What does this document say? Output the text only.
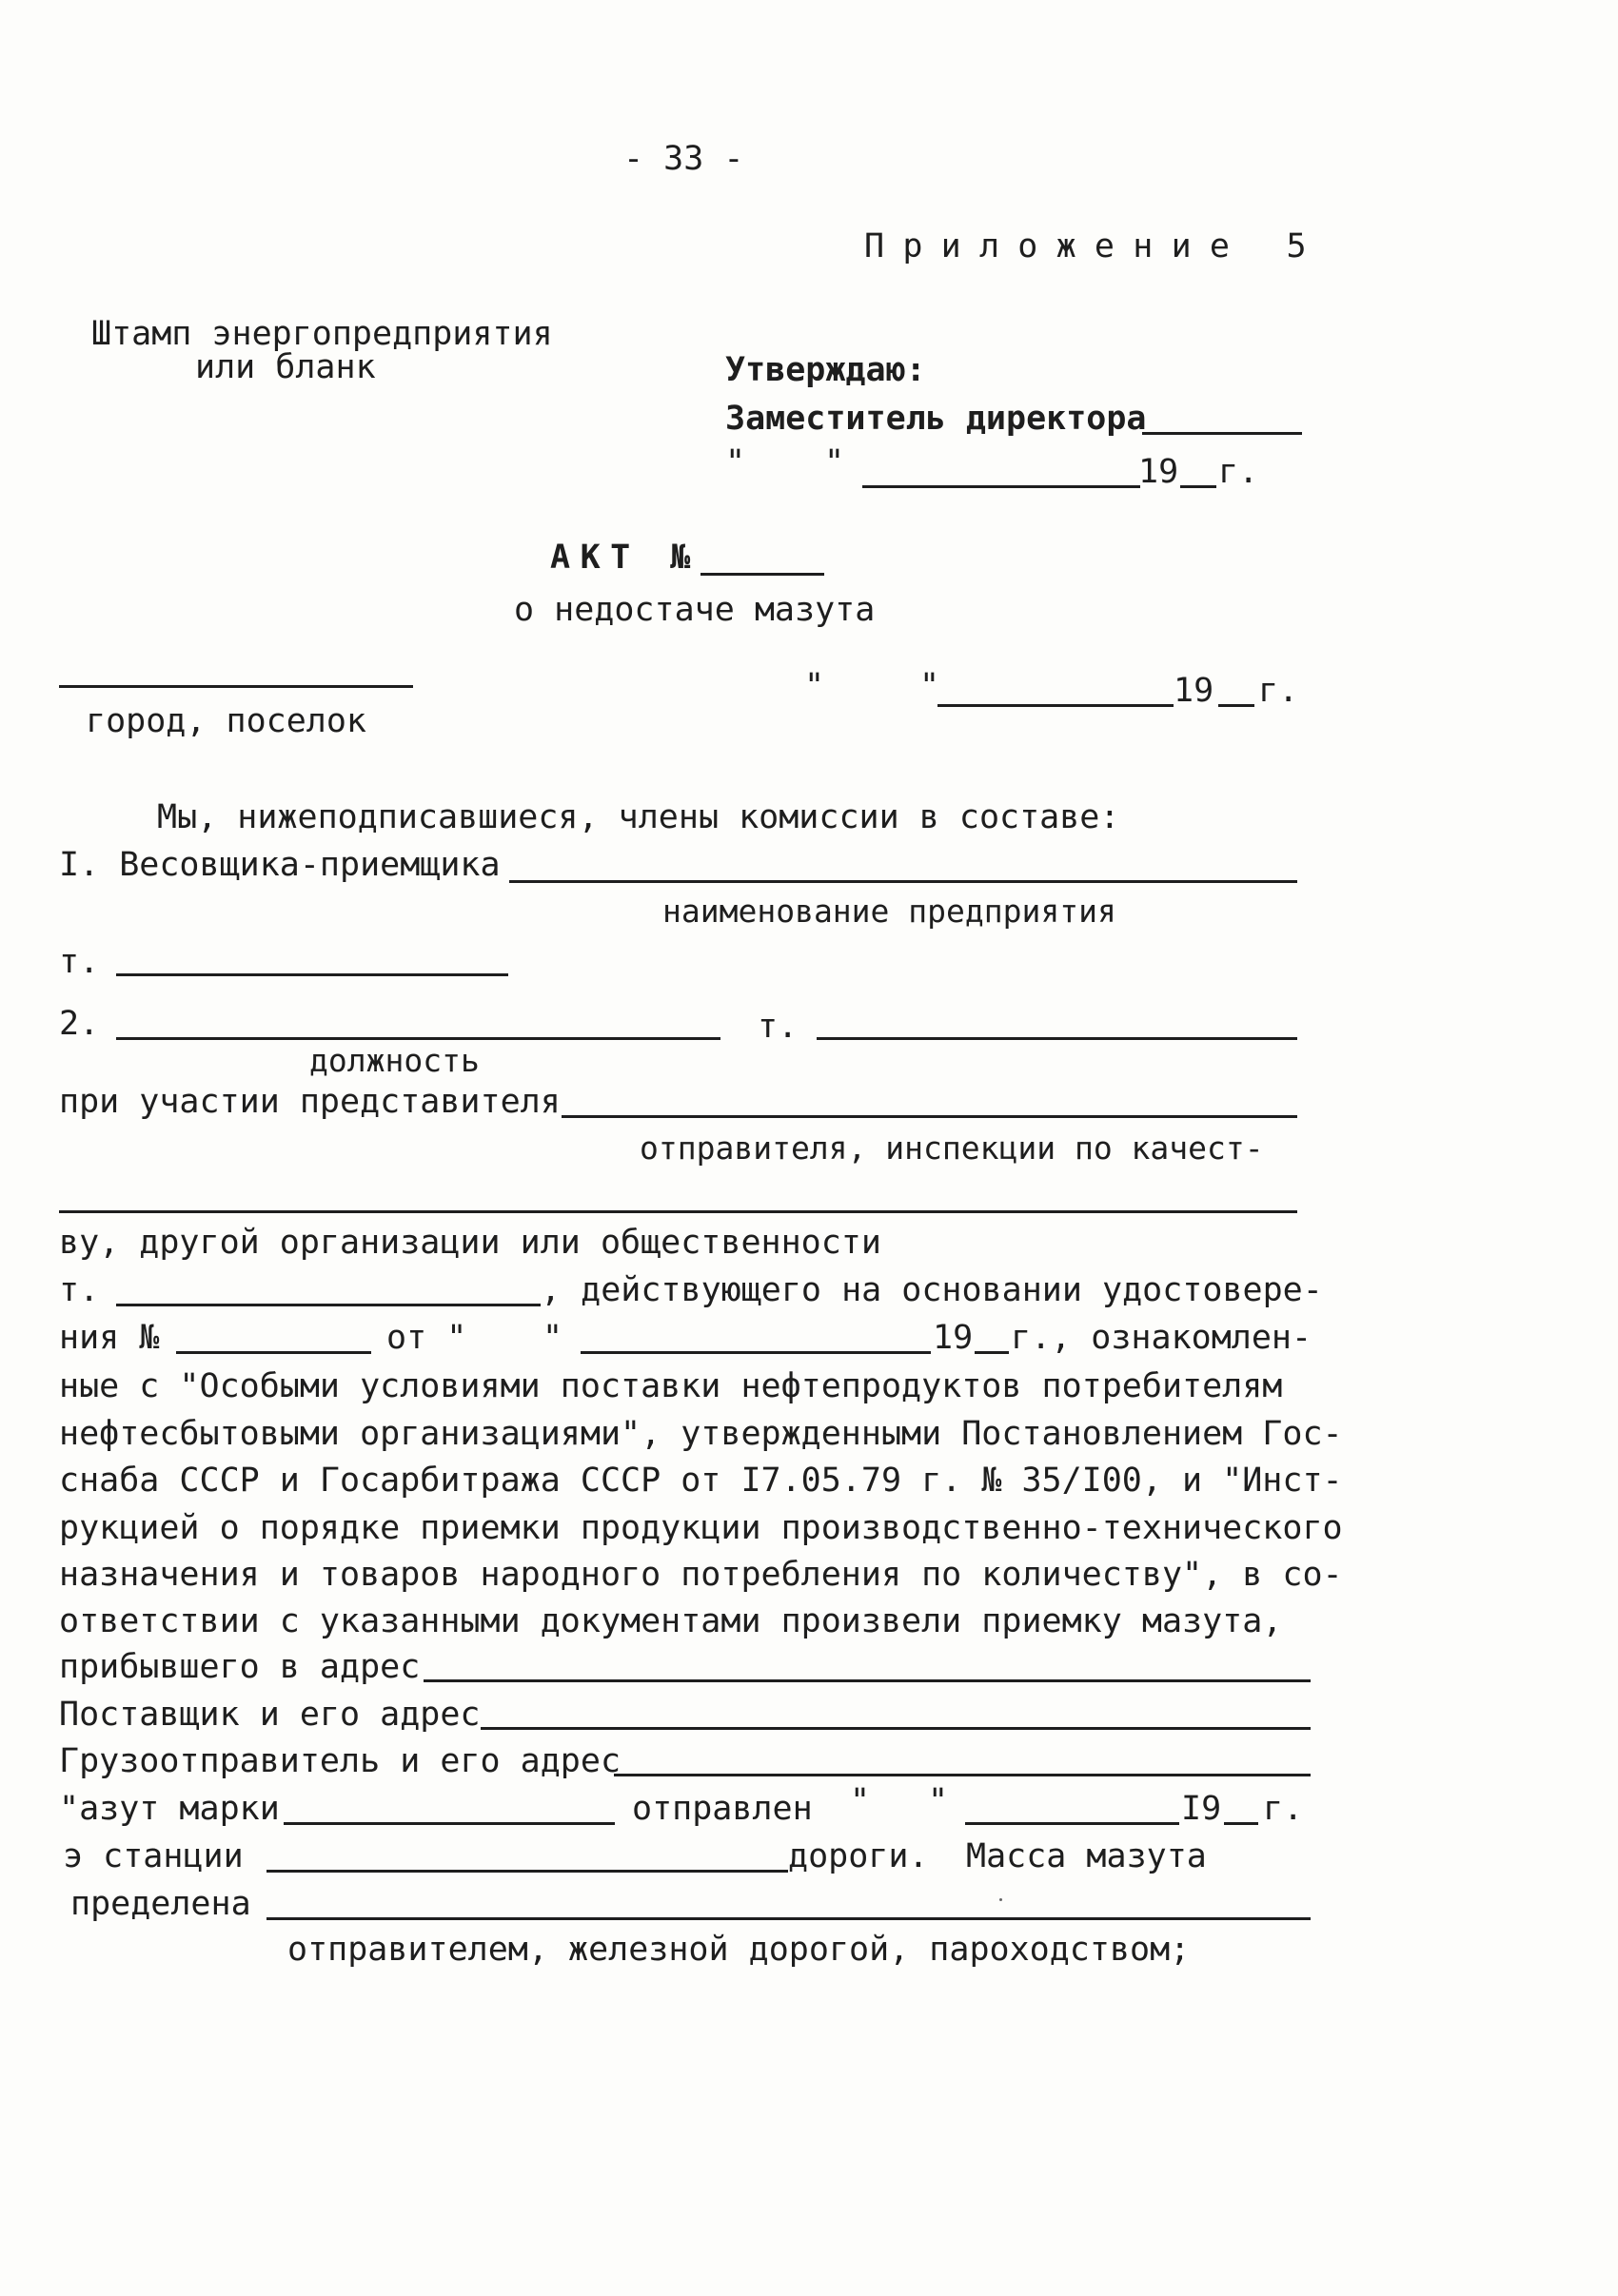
- 33 -
Приложение 5
Штамп энергопредприятия
или бланк	Утверждаю:
Заместитель директора
" "	19 г.
АКТ №
о недостаче мазута
"	"	19 г.
город, поселок
Мы, нижеподписавшиеся, члены комиссии в составе:
I. Весовщика-приемщика
наименование предприятия
т.
2.	т.
должность
при участии представителя
отправителя, инспекции по качест-
ву, другой организации или общественности
т.	, действующего на основании удостовере-
ния №	от " "	19 г., ознакомлен-
ные с "Особыми условиями поставки нефтепродуктов потребителям
нефтесбытовыми организациями", утвержденными Постановлением Гос-
снаба СССР и Госарбитража СССР от I7.05.79 г. № 35/I00, и "Инст-
рукцией о порядке приемки продукции производственно-технического
назначения и товаров народного потребления по количеству", в со-
ответствии с указанными документами произвели приемку мазута,
прибывшего в адрес
Поставщик и его адрес
Грузоотправитель и его адрес
"азут марки	отправлен " "	I9 г.
э станции	дороги. Масса мазута
пределена
отправителем, железной дорогой, пароходством;
